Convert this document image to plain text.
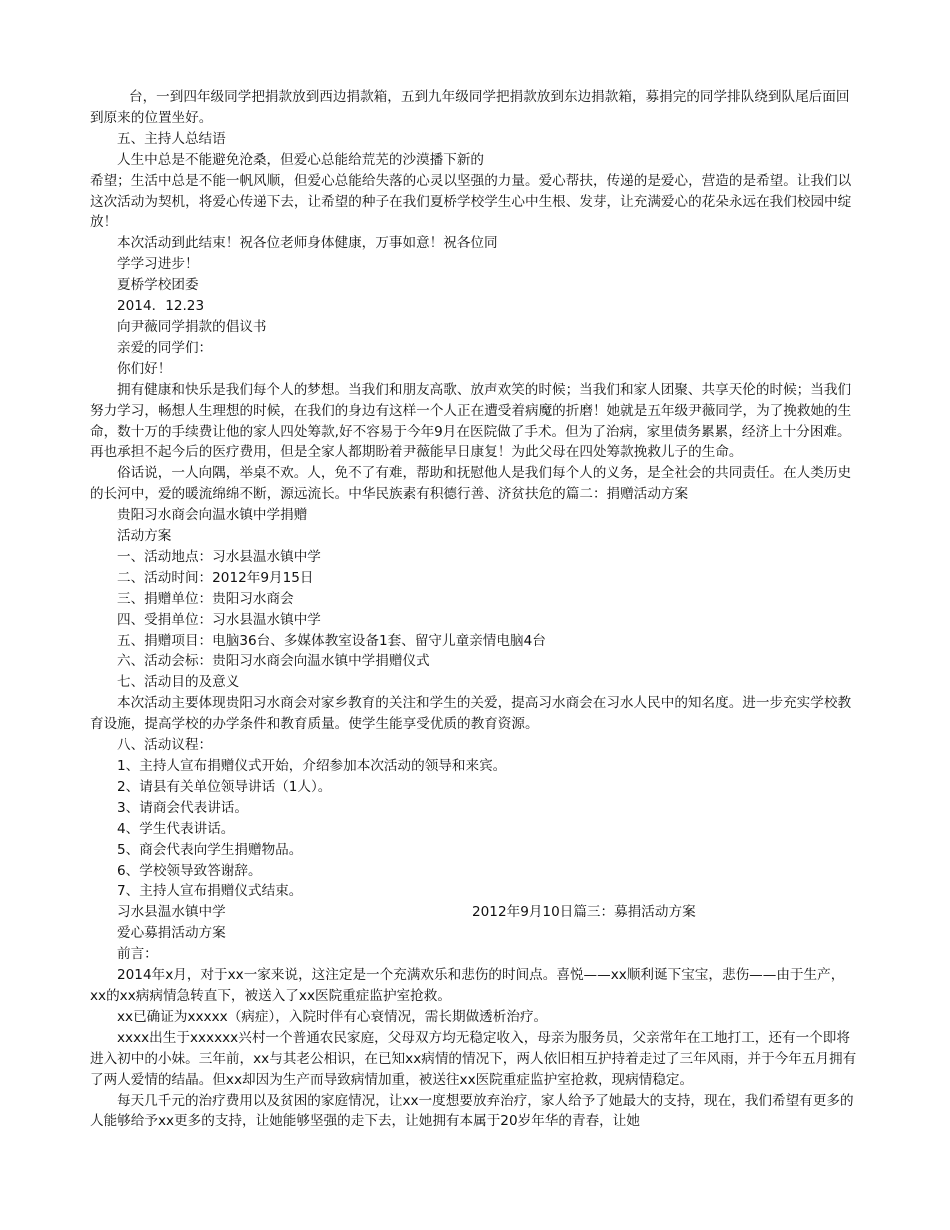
台，一到四年级同学把捐款放到西边捐款箱，五到九年级同学把捐款放到东边捐款箱，募捐完的同学排队绕到队尾后面回到原来的位置坐好。

五、主持人总结语

人生中总是不能避免沧桑，但爱心总能给荒芜的沙漠播下新的

希望；生活中总是不能一帆风顺，但爱心总能给失落的心灵以坚强的力量。爱心帮扶，传递的是爱心，营造的是希望。让我们以这次活动为契机，将爱心传递下去，让希望的种子在我们夏桥学校学生心中生根、发芽，让充满爱心的花朵永远在我们校园中绽放！

本次活动到此结束！祝各位老师身体健康，万事如意！祝各位同

学学习进步！

夏桥学校团委

2014．12.23

向尹薇同学捐款的倡议书

亲爱的同学们：

你们好！

拥有健康和快乐是我们每个人的梦想。当我们和朋友高歌、放声欢笑的时候；当我们和家人团聚、共享天伦的时候；当我们努力学习，畅想人生理想的时候，在我们的身边有这样一个人正在遭受着病魔的折磨！她就是五年级尹薇同学，为了挽救她的生命，数十万的手续费让他的家人四处筹款,好不容易于今年9月在医院做了手术。但为了治病，家里债务累累，经济上十分困难。再也承担不起今后的医疗费用，但是全家人都期盼着尹薇能早日康复！为此父母在四处筹款挽救儿子的生命。

俗话说，一人向隅，举桌不欢。人，免不了有难，帮助和抚慰他人是我们每个人的义务，是全社会的共同责任。在人类历史的长河中，爱的暖流绵绵不断，源远流长。中华民族素有积德行善、济贫扶危的篇二：捐赠活动方案

贵阳习水商会向温水镇中学捐赠

活动方案

一、活动地点：习水县温水镇中学

二、活动时间：2012年9月15日

三、捐赠单位：贵阳习水商会

四、受捐单位：习水县温水镇中学

五、捐赠项目：电脑36台、多媒体教室设备1套、留守儿童亲情电脑4台

六、活动会标：贵阳习水商会向温水镇中学捐赠仪式

七、活动目的及意义

本次活动主要体现贵阳习水商会对家乡教育的关注和学生的关爱，提高习水商会在习水人民中的知名度。进一步充实学校教育设施，提高学校的办学条件和教育质量。使学生能享受优质的教育资源。

八、活动议程：

1、主持人宣布捐赠仪式开始，介绍参加本次活动的领导和来宾。

2、请县有关单位领导讲话（1人）。

3、请商会代表讲话。

4、学生代表讲话。

5、商会代表向学生捐赠物品。

6、学校领导致答谢辞。

7、主持人宣布捐赠仪式结束。

习水县温水镇中学	2012年9月10日篇三：募捐活动方案

爱心募捐活动方案

前言：

2014年x月，对于xx一家来说，这注定是一个充满欢乐和悲伤的时间点。喜悦——xx顺利诞下宝宝，悲伤——由于生产，xx的xx病病情急转直下，被送入了xx医院重症监护室抢救。

xx已确证为xxxxx（病症），入院时伴有心衰情况，需长期做透析治疗。

xxxx出生于xxxxxx兴村一个普通农民家庭，父母双方均无稳定收入，母亲为服务员，父亲常年在工地打工，还有一个即将进入初中的小妹。三年前，xx与其老公相识，在已知xx病情的情况下，两人依旧相互护持着走过了三年风雨，并于今年五月拥有了两人爱情的结晶。但xx却因为生产而导致病情加重，被送往xx医院重症监护室抢救，现病情稳定。

每天几千元的治疗费用以及贫困的家庭情况，让xx一度想要放弃治疗，家人给予了她最大的支持，现在，我们希望有更多的人能够给予xx更多的支持，让她能够坚强的走下去，让她拥有本属于20岁年华的青春，让她
